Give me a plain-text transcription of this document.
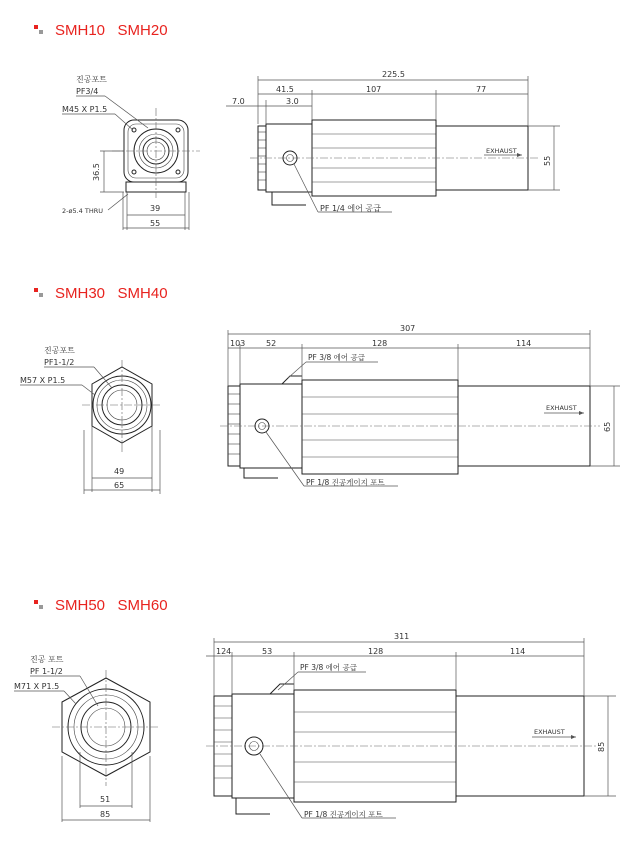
SMH10   SMH20
SMH30   SMH40
SMH50   SMH60
진공포트
PF3/4
M45 X P1.5
36.5
2-ø5.4 THRU	39
55
225.5
41.5	107	77
7.0	3.0
55
EXHAUST
PF 1/4 에어 공급
진공포트
PF1-1/2
M57 X P1.5
49
65
307
103	52	128	114
65
EXHAUST
PF 3/8 에어 공급
PF 1/8 진공게이지 포트
진공 포트
PF 1-1/2
M71 X P1.5
51
85
311
124	53	128	114
85
EXHAUST
PF 3/8 에어 공급
PF 1/8 진공게이지 포트
